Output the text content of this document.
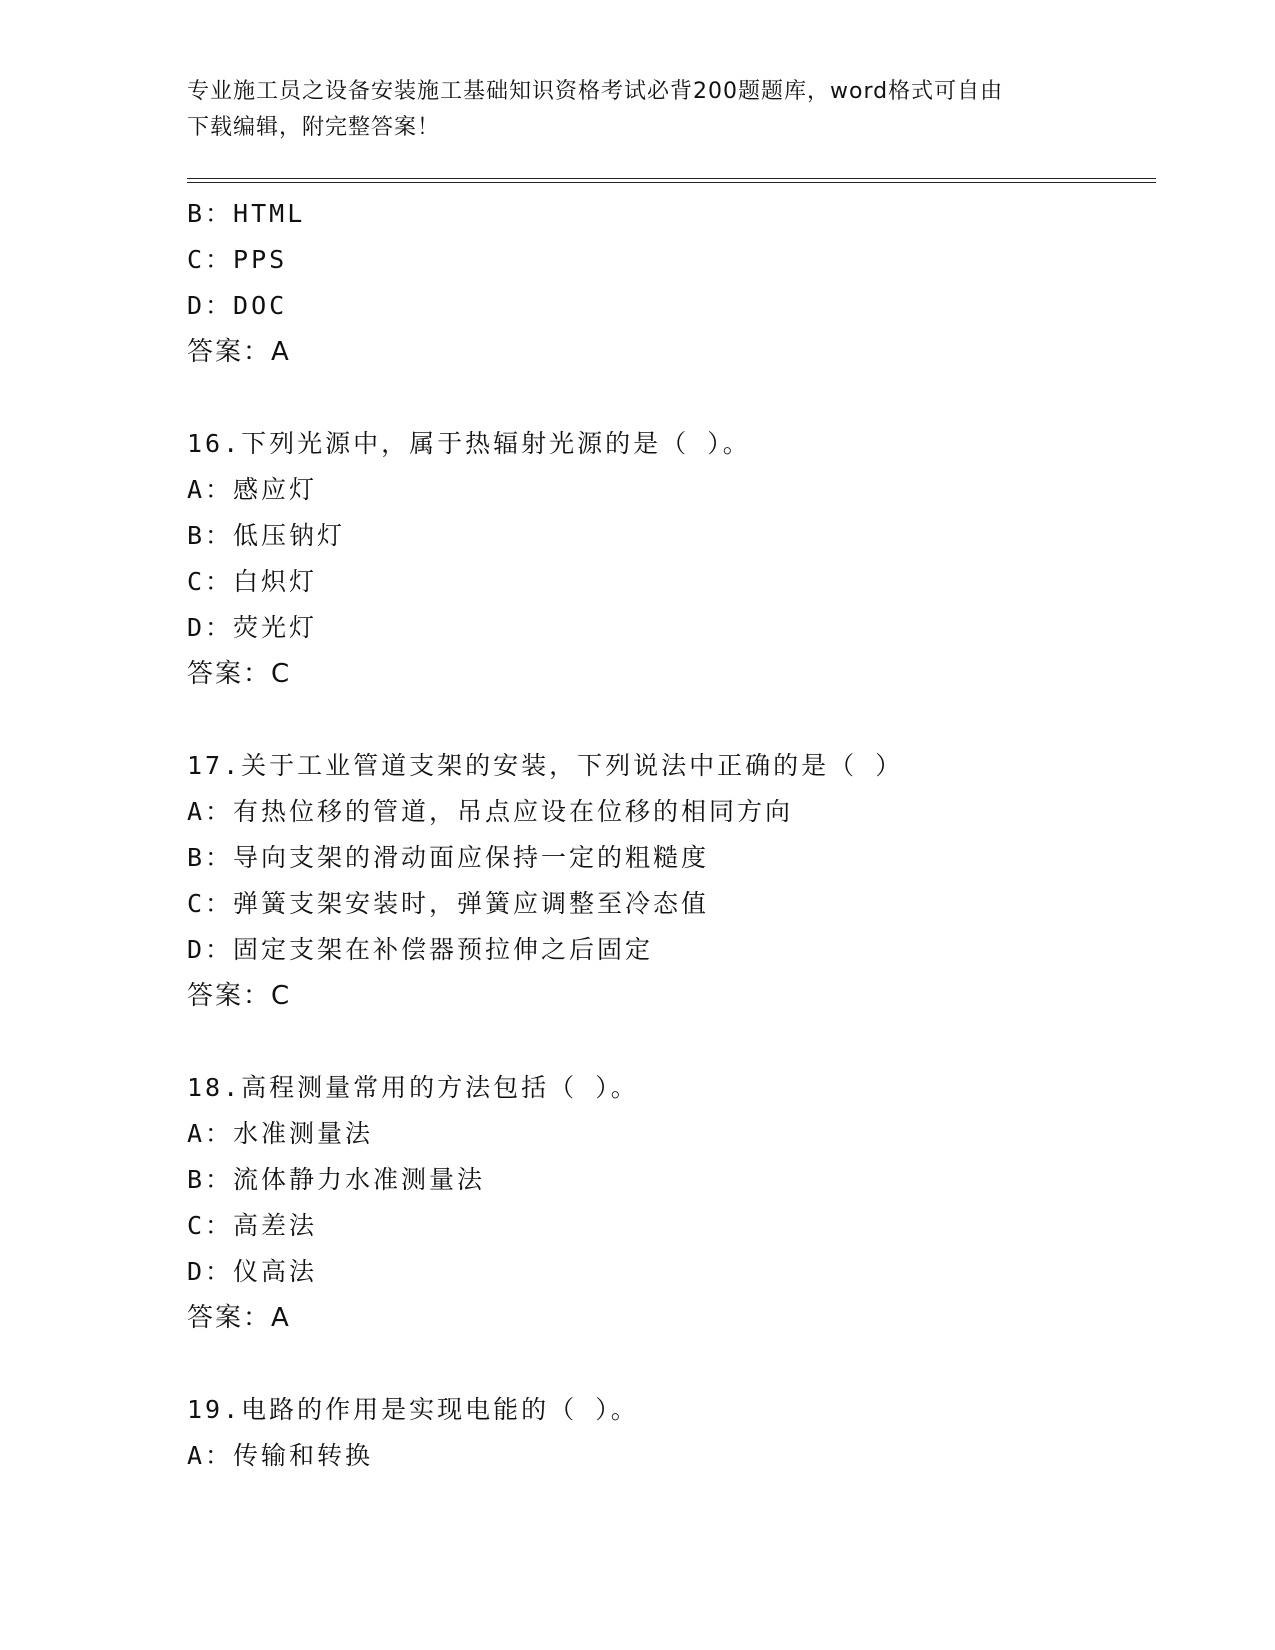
专业施工员之设备安装施工基础知识资格考试必背200题题库，word格式可自由
下载编辑，附完整答案！
B：HTML
C：PPS
D：DOC
答案：A
16.下列光源中，属于热辐射光源的是（ ）。
A：感应灯
B：低压钠灯
C：白炽灯
D：荧光灯
答案：C
17.关于工业管道支架的安装，下列说法中正确的是（ ）
A：有热位移的管道，吊点应设在位移的相同方向
B：导向支架的滑动面应保持一定的粗糙度
C：弹簧支架安装时，弹簧应调整至冷态值
D：固定支架在补偿器预拉伸之后固定
答案：C
18.高程测量常用的方法包括（ ）。
A：水准测量法
B：流体静力水准测量法
C：高差法
D：仪高法
答案：A
19.电路的作用是实现电能的（ ）。
A：传输和转换
